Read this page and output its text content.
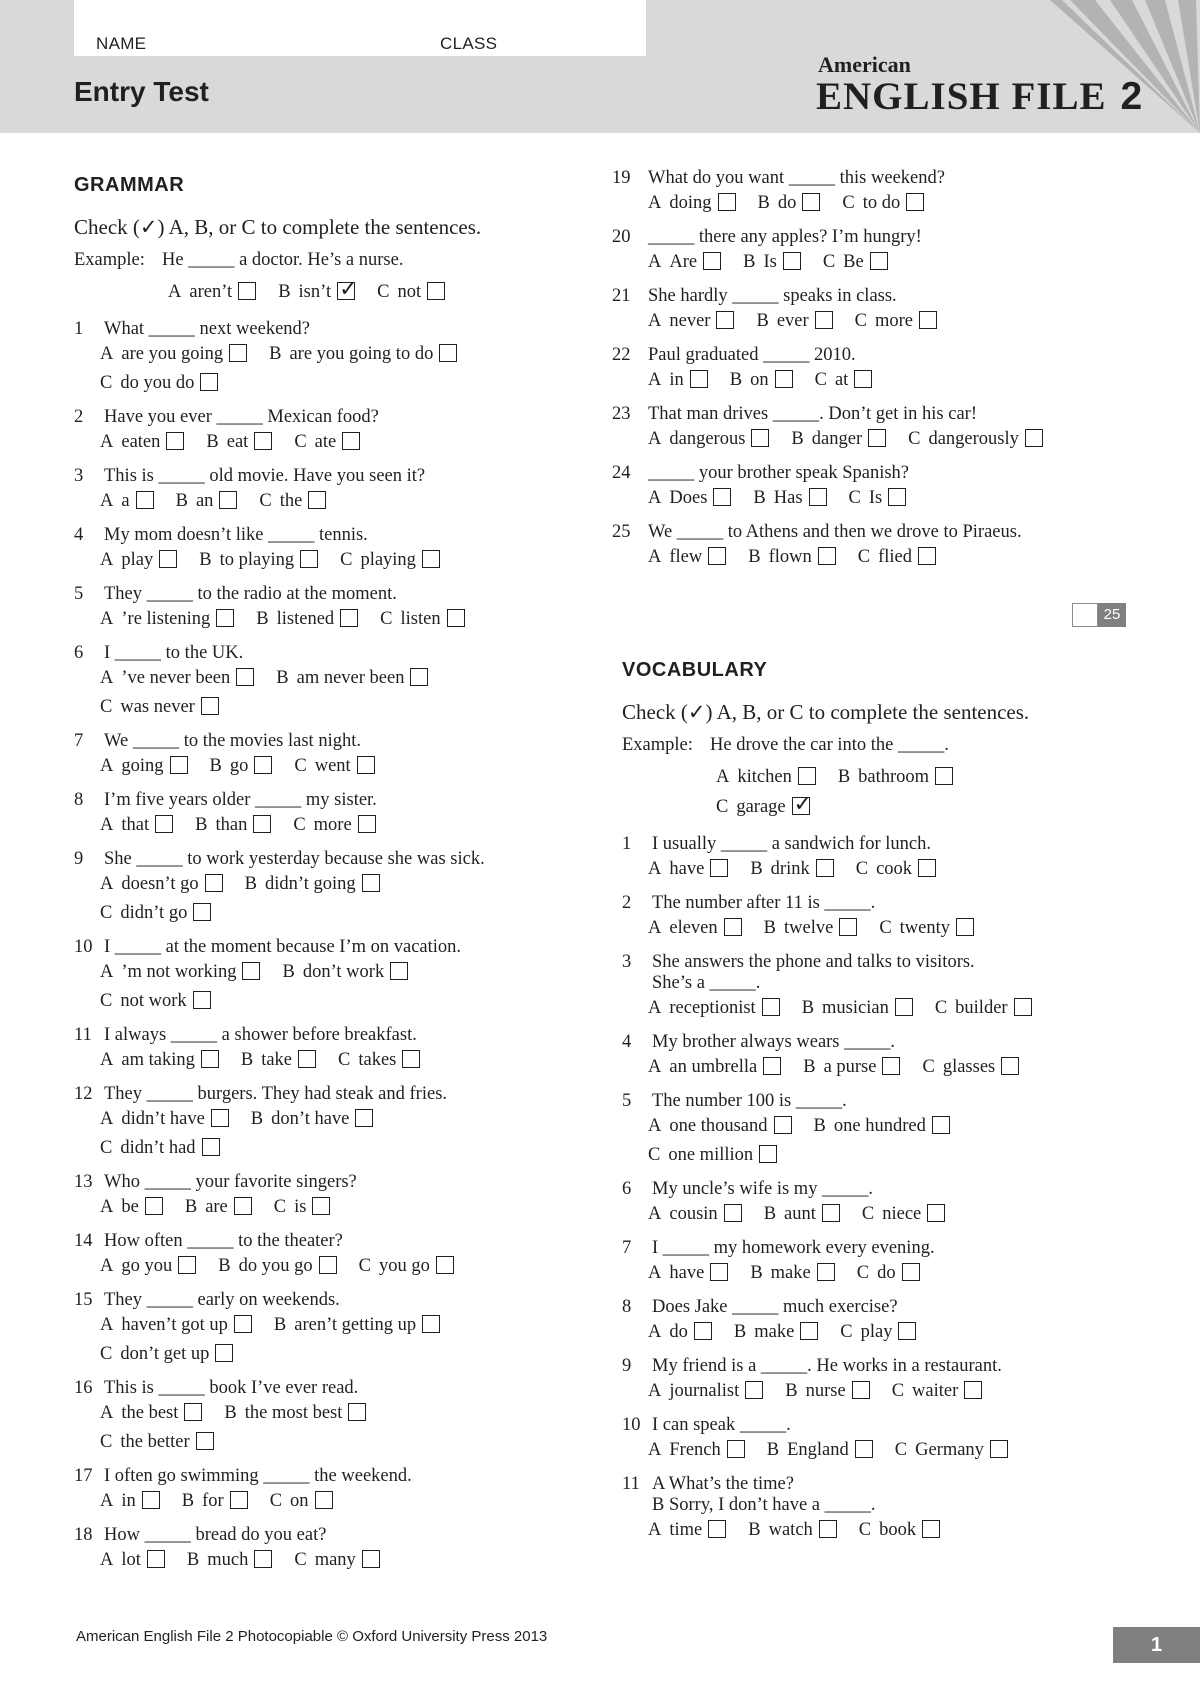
NAME	CLASS
Entry Test
American
ENGLISH FILE 2
GRAMMAR
Check (✓) A, B, or C to complete the sentences.
Example: He _____ a doctor. He’s a nurse.
A aren’t B isn’t✓ C not
1	What _____ next weekend?
A are you going B are you going to do
C do you do
2	Have you ever _____ Mexican food?
A eaten B eat C ate
3	This is _____ old movie. Have you seen it?
A a B an C the
4	My mom doesn’t like _____ tennis.
A play B to playing C playing
5	They _____ to the radio at the moment.
A ’re listening B listened C listen
6	I _____ to the UK.
A ’ve never been B am never been
C was never
7	We _____ to the movies last night.
A going B go C went
8	I’m five years older _____ my sister.
A that B than C more
9	She _____ to work yesterday because she was sick.
A doesn’t go B didn’t going
C didn’t go
10 I _____ at the moment because I’m on vacation.
A ’m not working B don’t work
C not work
11 I always _____ a shower before breakfast.
A am taking B take C takes
12 They _____ burgers. They had steak and fries.
A didn’t have B don’t have
C didn’t had
13 Who _____ your favorite singers?
A be B are C is
14 How often _____ to the theater?
A go you B do you go C you go
15 They _____ early on weekends.
A haven’t got up B aren’t getting up
C don’t get up
16 This is _____ book I’ve ever read.
A the best B the most best
C the better
17 I often go swimming _____ the weekend.
A in B for C on
18 How _____ bread do you eat?
A lot B much C many
19 What do you want _____ this weekend?
A doing B do C to do
20 _____ there any apples? I’m hungry!
A Are B Is C Be
21 She hardly _____ speaks in class.
A never B ever C more
22 Paul graduated _____ 2010.
A in B on C at
23 That man drives _____. Don’t get in his car!
A dangerous B danger C dangerously
24 _____ your brother speak Spanish?
A Does B Has C Is
25 We _____ to Athens and then we drove to Piraeus.
A flew B flown C flied
25
VOCABULARY
Check (✓) A, B, or C to complete the sentences.
Example: He drove the car into the _____.
A kitchen B bathroom
C garage✓
1	I usually _____ a sandwich for lunch.
A have B drink C cook
2	The number after 11 is _____.
A eleven B twelve C twenty
3	She answers the phone and talks to visitors.
She’s a _____.
A receptionist B musician C builder
4	My brother always wears _____.
A an umbrella B a purse C glasses
5	The number 100 is _____.
A one thousand B one hundred
C one million
6	My uncle’s wife is my _____.
A cousin B aunt C niece
7	I _____ my homework every evening.
A have B make C do
8	Does Jake _____ much exercise?
A do B make C play
9	My friend is a _____. He works in a restaurant.
A journalist B nurse C waiter
10 I can speak _____.
A French B England C Germany
11 A What’s the time?
B Sorry, I don’t have a _____.
A time B watch C book
American English File 2 Photocopiable © Oxford University Press 2013	1
